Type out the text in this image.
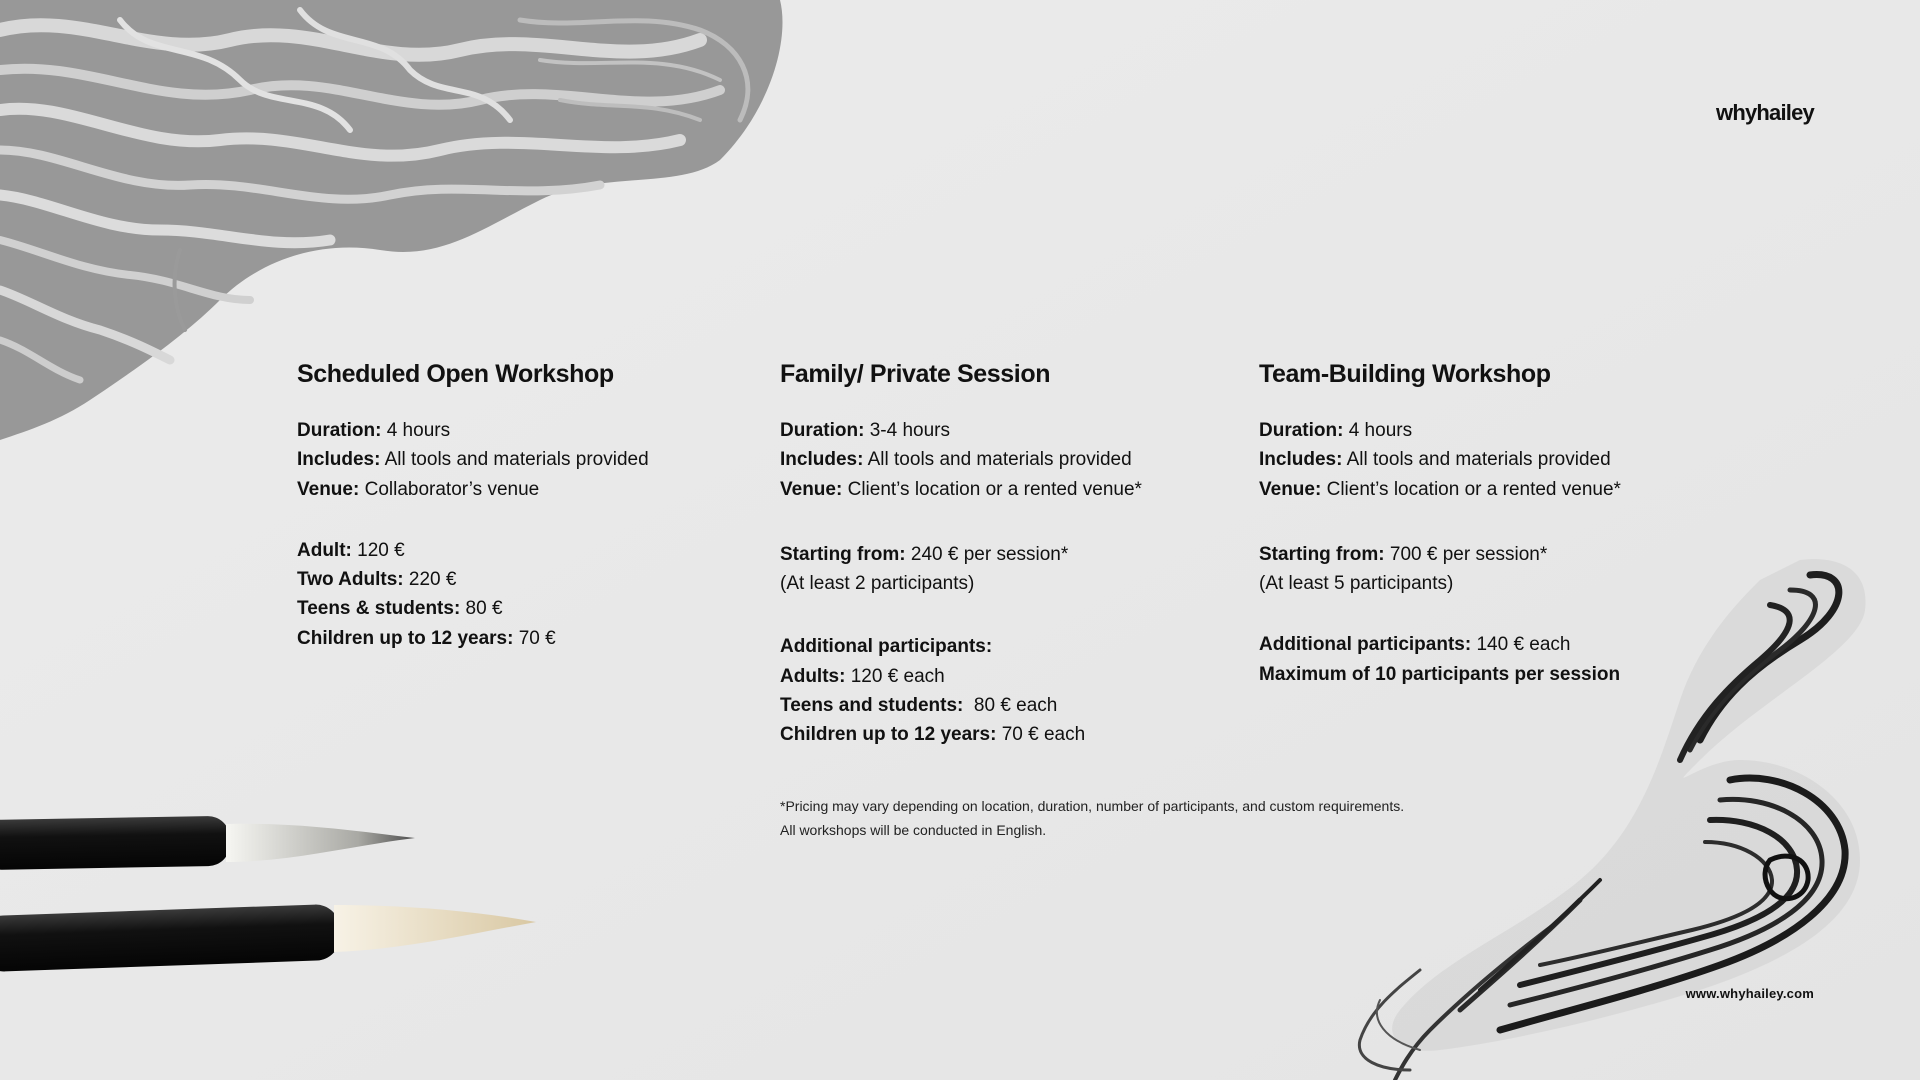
whyhailey
Scheduled Open Workshop
Duration: 4 hours
Includes: All tools and materials provided
Venue: Collaborator’s venue
Adult: 120 €
Two Adults: 220 €
Teens & students: 80 €
Children up to 12 years: 70 €
Family/ Private Session
Duration: 3-4 hours
Includes: All tools and materials provided
Venue: Client’s location or a rented venue*
Starting from: 240 € per session*
(At least 2 participants)
Additional participants:
Adults: 120 € each
Teens and students:  80 € each
Children up to 12 years: 70 € each
Team-Building Workshop
Duration: 4 hours
Includes: All tools and materials provided
Venue: Client’s location or a rented venue*
Starting from: 700 € per session*
(At least 5 participants)
Additional participants: 140 € each
Maximum of 10 participants per session
*Pricing may vary depending on location, duration, number of participants, and custom requirements.
All workshops will be conducted in English.
www.whyhailey.com
